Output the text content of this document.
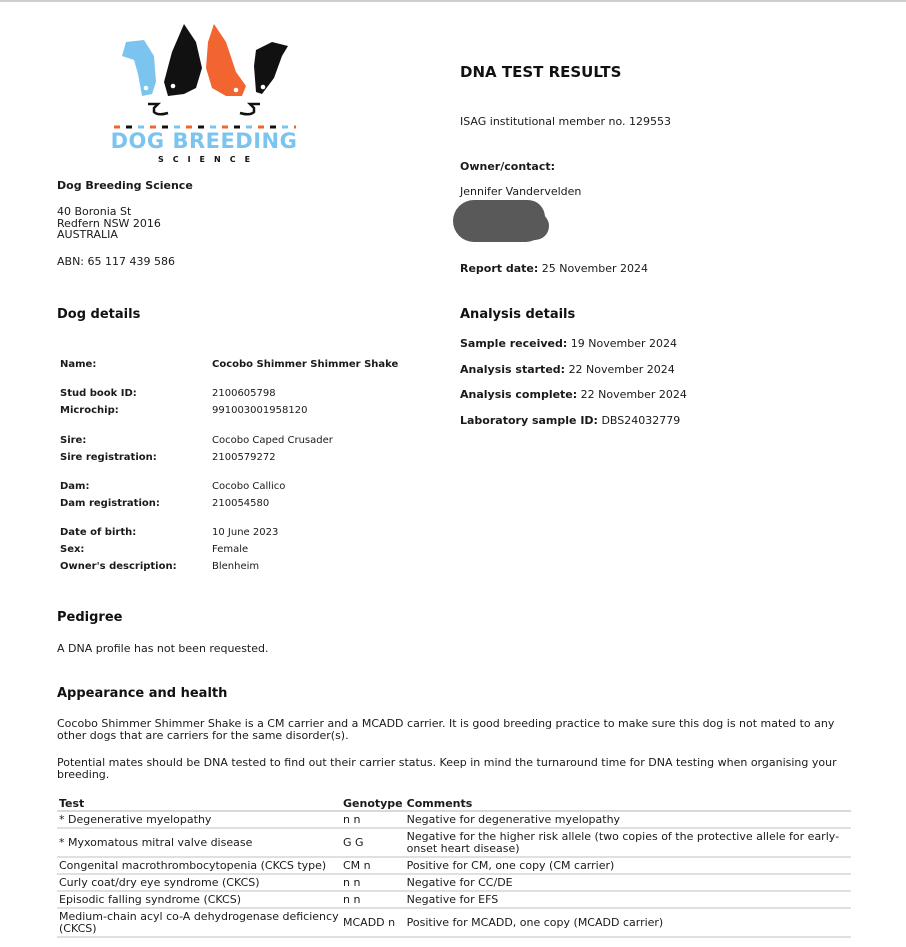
DOG BREEDING
SCIENCE
Dog Breeding Science
40 Boronia St
Redfern NSW 2016
AUSTRALIA
ABN: 65 117 439 586
DNA TEST RESULTS
ISAG institutional member no. 129553
Owner/contact:
Jennifer Vandervelden
Report date: 25 November 2024
Dog details
Name:	Cocobo Shimmer Shimmer Shake
Stud book ID:	2100605798
Microchip:	991003001958120
Sire:	Cocobo Caped Crusader
Sire registration:	2100579272
Dam:	Cocobo Callico
Dam registration:	210054580
Date of birth:	10 June 2023
Sex:	Female
Owner's description:	Blenheim
Analysis details
Sample received: 19 November 2024
Analysis started: 22 November 2024
Analysis complete: 22 November 2024
Laboratory sample ID: DBS24032779
Pedigree
A DNA profile has not been requested.
Appearance and health
Cocobo Shimmer Shimmer Shake is a CM carrier and a MCADD carrier. It is good breeding practice to make sure this dog is not mated to any
other dogs that are carriers for the same disorder(s).
Potential mates should be DNA tested to find out their carrier status. Keep in mind the turnaround time for DNA testing when organising your
breeding.
Test	Genotype	Comments
* Degenerative myelopathy	n n	Negative for degenerative myelopathy
* Myxomatous mitral valve disease	G G	Negative for the higher risk allele (two copies of the protective allele for early-onset heart disease)
Congenital macrothrombocytopenia (CKCS type)	CM n	Positive for CM, one copy (CM carrier)
Curly coat/dry eye syndrome (CKCS)	n n	Negative for CC/DE
Episodic falling syndrome (CKCS)	n n	Negative for EFS
Medium-chain acyl co-A dehydrogenase deficiency (CKCS)	MCADD n	Positive for MCADD, one copy (MCADD carrier)
